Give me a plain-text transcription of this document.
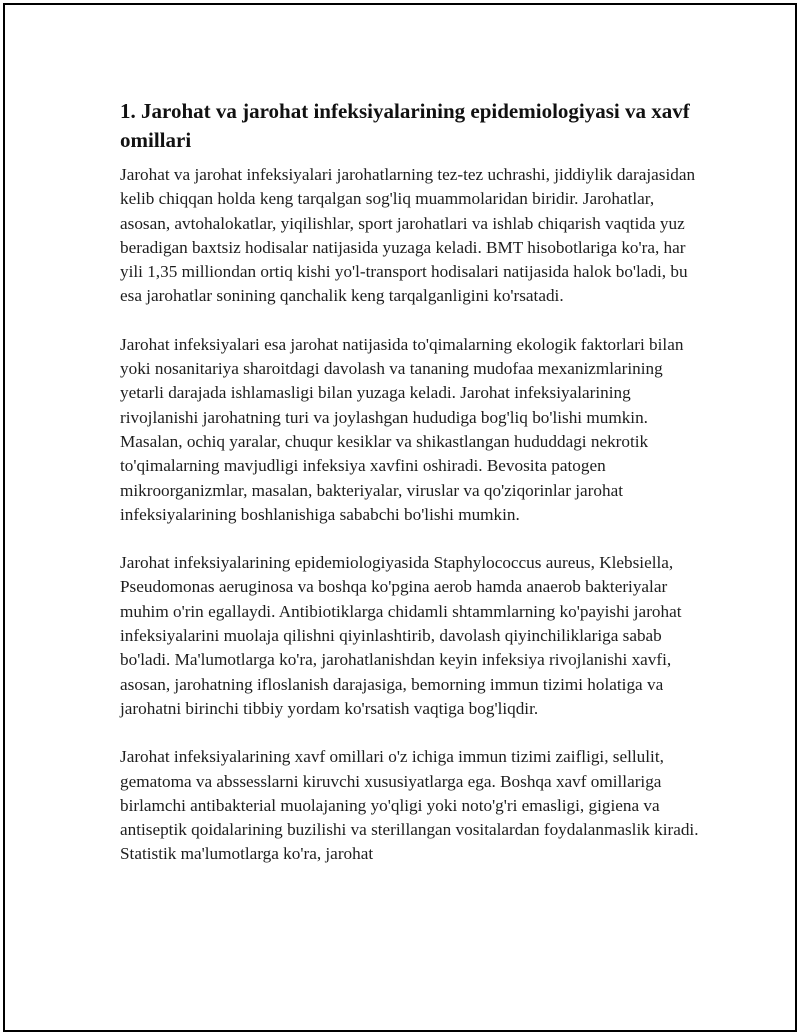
1. Jarohat va jarohat infeksiyalarining epidemiologiyasi va xavf omillari

Jarohat va jarohat infeksiyalari jarohatlarning tez-tez uchrashi, jiddiylik darajasidan kelib chiqqan holda keng tarqalgan sog'liq muammolaridan biridir. Jarohatlar, asosan, avtohalokatlar, yiqilishlar, sport jarohatlari va ishlab chiqarish vaqtida yuz beradigan baxtsiz hodisalar natijasida yuzaga keladi. BMT hisobotlariga ko'ra, har yili 1,35 milliondan ortiq kishi yo'l-transport hodisalari natijasida halok bo'ladi, bu esa jarohatlar sonining qanchalik keng tarqalganligini ko'rsatadi.

Jarohat infeksiyalari esa jarohat natijasida to'qimalarning ekologik faktorlari bilan yoki nosanitariya sharoitdagi davolash va tananing mudofaa mexanizmlarining yetarli darajada ishlamasligi bilan yuzaga keladi. Jarohat infeksiyalarining rivojlanishi jarohatning turi va joylashgan hududiga bog'liq bo'lishi mumkin. Masalan, ochiq yaralar, chuqur kesiklar va shikastlangan hududdagi nekrotik to'qimalarning mavjudligi infeksiya xavfini oshiradi. Bevosita patogen mikroorganizmlar, masalan, bakteriyalar, viruslar va qo'ziqorinlar jarohat infeksiyalarining boshlanishiga sababchi bo'lishi mumkin.

Jarohat infeksiyalarining epidemiologiyasida Staphylococcus aureus, Klebsiella, Pseudomonas aeruginosa va boshqa ko'pgina aerob hamda anaerob bakteriyalar muhim o'rin egallaydi. Antibiotiklarga chidamli shtammlarning ko'payishi jarohat infeksiyalarini muolaja qilishni qiyinlashtirib, davolash qiyinchiliklariga sabab bo'ladi. Ma'lumotlarga ko'ra, jarohatlanishdan keyin infeksiya rivojlanishi xavfi, asosan, jarohatning ifloslanish darajasiga, bemorning immun tizimi holatiga va jarohatni birinchi tibbiy yordam ko'rsatish vaqtiga bog'liqdir.

Jarohat infeksiyalarining xavf omillari o'z ichiga immun tizimi zaifligi, sellulit, gematoma va abssesslarni kiruvchi xususiyatlarga ega. Boshqa xavf omillariga birlamchi antibakterial muolajaning yo'qligi yoki noto'g'ri emasligi, gigiena va antiseptik qoidalarining buzilishi va sterillangan vositalardan foydalanmaslik kiradi. Statistik ma'lumotlarga ko'ra, jarohat
